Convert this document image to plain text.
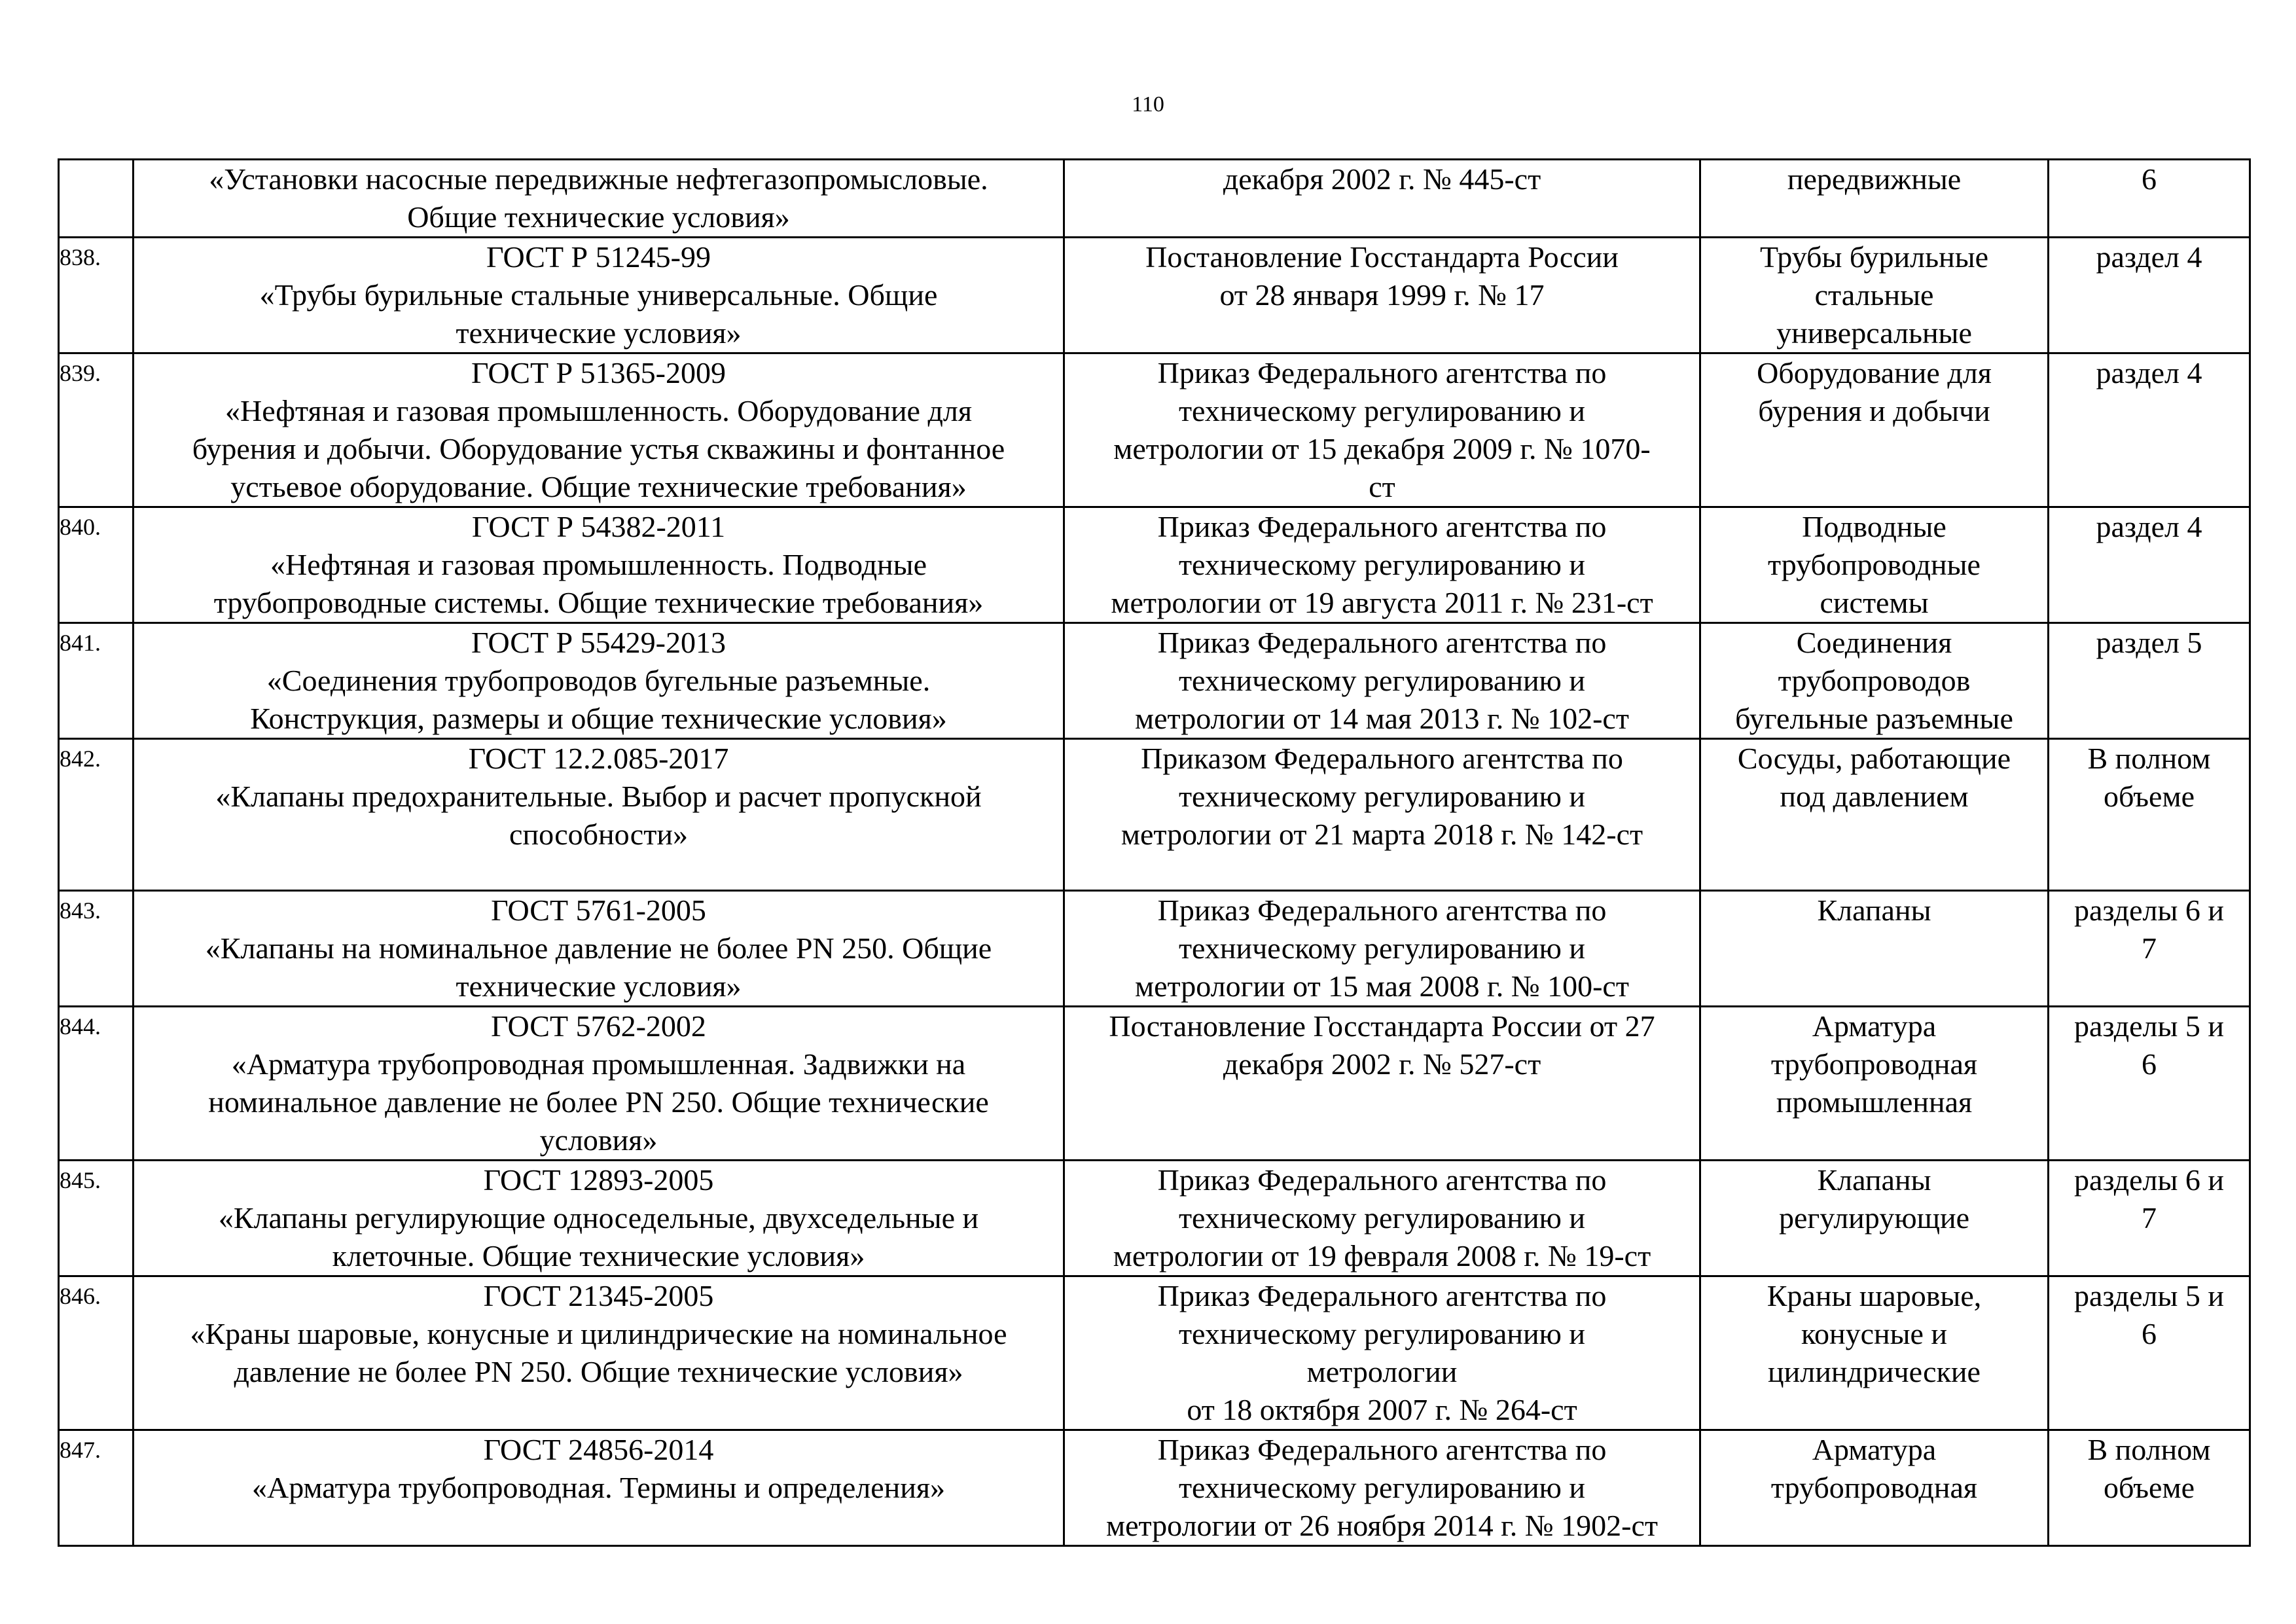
110

	«Установки насосные передвижные нефтегазопромысловые.
Общие технические условия»	декабря 2002 г. № 445-ст	передвижные	6

838.	ГОСТ Р 51245-99
«Трубы бурильные стальные универсальные. Общие
технические условия»	Постановление Госстандарта России
от 28 января 1999 г. № 17	Трубы бурильные
стальные
универсальные	раздел 4

839.	ГОСТ Р 51365-2009
«Нефтяная и газовая промышленность. Оборудование для
бурения и добычи. Оборудование устья скважины и фонтанное
устьевое оборудование. Общие технические требования»	Приказ Федерального агентства по
техническому регулированию и
метрологии от 15 декабря 2009 г. № 1070-
ст	Оборудование для
бурения и добычи	раздел 4

840.	ГОСТ Р 54382-2011
«Нефтяная и газовая промышленность. Подводные
трубопроводные системы. Общие технические требования»	Приказ Федерального агентства по
техническому регулированию и
метрологии от 19 августа 2011 г. № 231-ст	Подводные
трубопроводные
системы	раздел 4

841.	ГОСТ Р 55429-2013
«Соединения трубопроводов бугельные разъемные.
Конструкция, размеры и общие технические условия»	Приказ Федерального агентства по
техническому регулированию и
метрологии от 14 мая 2013 г. № 102-ст	Соединения
трубопроводов
бугельные разъемные	раздел 5

842.	ГОСТ 12.2.085-2017
«Клапаны предохранительные. Выбор и расчет пропускной
способности»	Приказом Федерального агентства по
техническому регулированию и
метрологии от 21 марта 2018 г. № 142-ст	Сосуды, работающие
под давлением	В полном
объеме

843.	ГОСТ 5761-2005
«Клапаны на номинальное давление не более PN 250. Общие
технические условия»	Приказ Федерального агентства по
техническому регулированию и
метрологии от 15 мая 2008 г. № 100-ст	Клапаны	разделы 6 и
7

844.	ГОСТ 5762-2002
«Арматура трубопроводная промышленная. Задвижки на
номинальное давление не более PN 250. Общие технические
условия»	Постановление Госстандарта России от 27
декабря 2002 г. № 527-ст	Арматура
трубопроводная
промышленная	разделы 5 и
6

845.	ГОСТ 12893-2005
«Клапаны регулирующие односедельные, двухседельные и
клеточные. Общие технические условия»	Приказ Федерального агентства по
техническому регулированию и
метрологии от 19 февраля 2008 г. № 19-ст	Клапаны
регулирующие	разделы 6 и
7

846.	ГОСТ 21345-2005
«Краны шаровые, конусные и цилиндрические на номинальное
давление не более PN 250. Общие технические условия»	Приказ Федерального агентства по
техническому регулированию и
метрологии
от 18 октября 2007 г. № 264-ст	Краны шаровые,
конусные и
цилиндрические	разделы 5 и
6

847.	ГОСТ 24856-2014
«Арматура трубопроводная. Термины и определения»	Приказ Федерального агентства по
техническому регулированию и
метрологии от 26 ноября 2014 г. № 1902-ст	Арматура
трубопроводная	В полном
объеме
